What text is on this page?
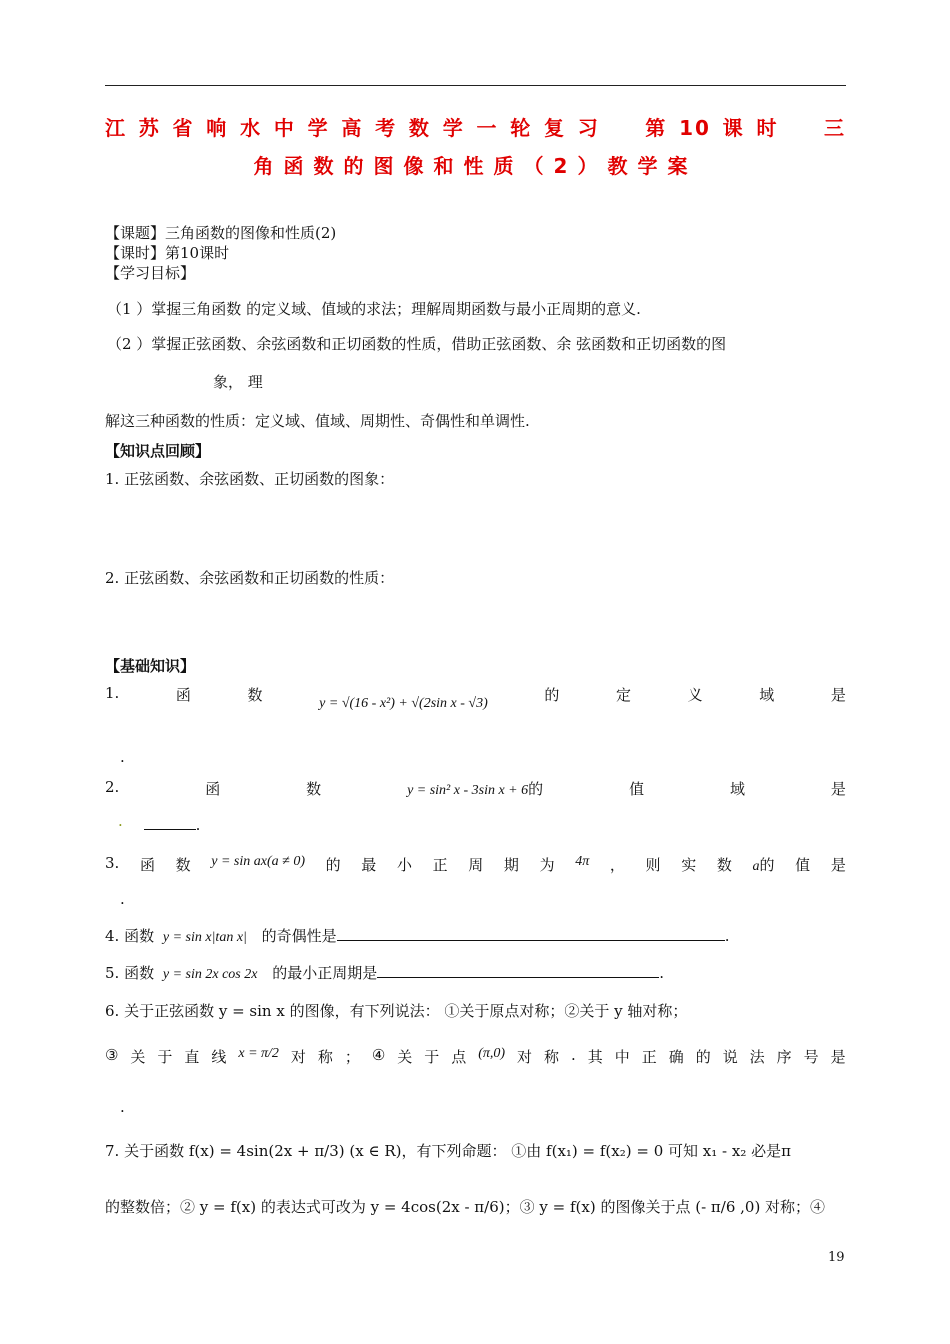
江苏省响水中学高考数学一轮复习　第10课时　三
角函数的图像和性质（2）教学案
【课题】三角函数的图像和性质(2)
【课时】第10课时
【学习目标】
（1 ）掌握三角函数 的定义域、值域的求法；理解周期函数与最小正周期的意义.
（2 ）掌握正弦函数、余弦函数和正切函数的性质，借助正弦函数、余 弦函数和正切函数的图
象， 理
解这三种函数的性质：定义域、值域、周期性、奇偶性和单调性.
【知识点回顾】
1. 正弦函数、余弦函数、正切函数的图象：
2. 正弦函数、余弦函数和正切函数的性质：
【基础知识】
1.	函	数	y = √(16 - x²) + √(2sin x - √3)	的	定	义	域	是
.
2.	函	数	y = sin² x - 3sin x + 6的	值	域	是
·	.
3. 函 数 y = sin ax(a ≠ 0) 的 最 小 正 周 期 为 4π ， 则 实 数 a的 值 是
.
4. 函数 y = sin x|tan x| 的奇偶性是	.
5. 函数 y = sin 2x cos 2x 的最小正周期是	.
6. 关于正弦函数 y = sin x 的图像，有下列说法： ①关于原点对称；②关于 y 轴对称；
③ 关 于 直 线 x = π/2 对 称 ； ④ 关 于 点 (π,0) 对 称 . 其 中 正 确 的 说 法 序 号 是
.
7. 关于函数 f(x) = 4sin(2x + π/3) (x ∈ R)，有下列命题： ①由 f(x₁) = f(x₂) = 0 可知 x₁ - x₂ 必是π
的整数倍；② y = f(x) 的表达式可改为 y = 4cos(2x - π/6)；③ y = f(x) 的图像关于点 (- π/6 ,0) 对称；④
19
